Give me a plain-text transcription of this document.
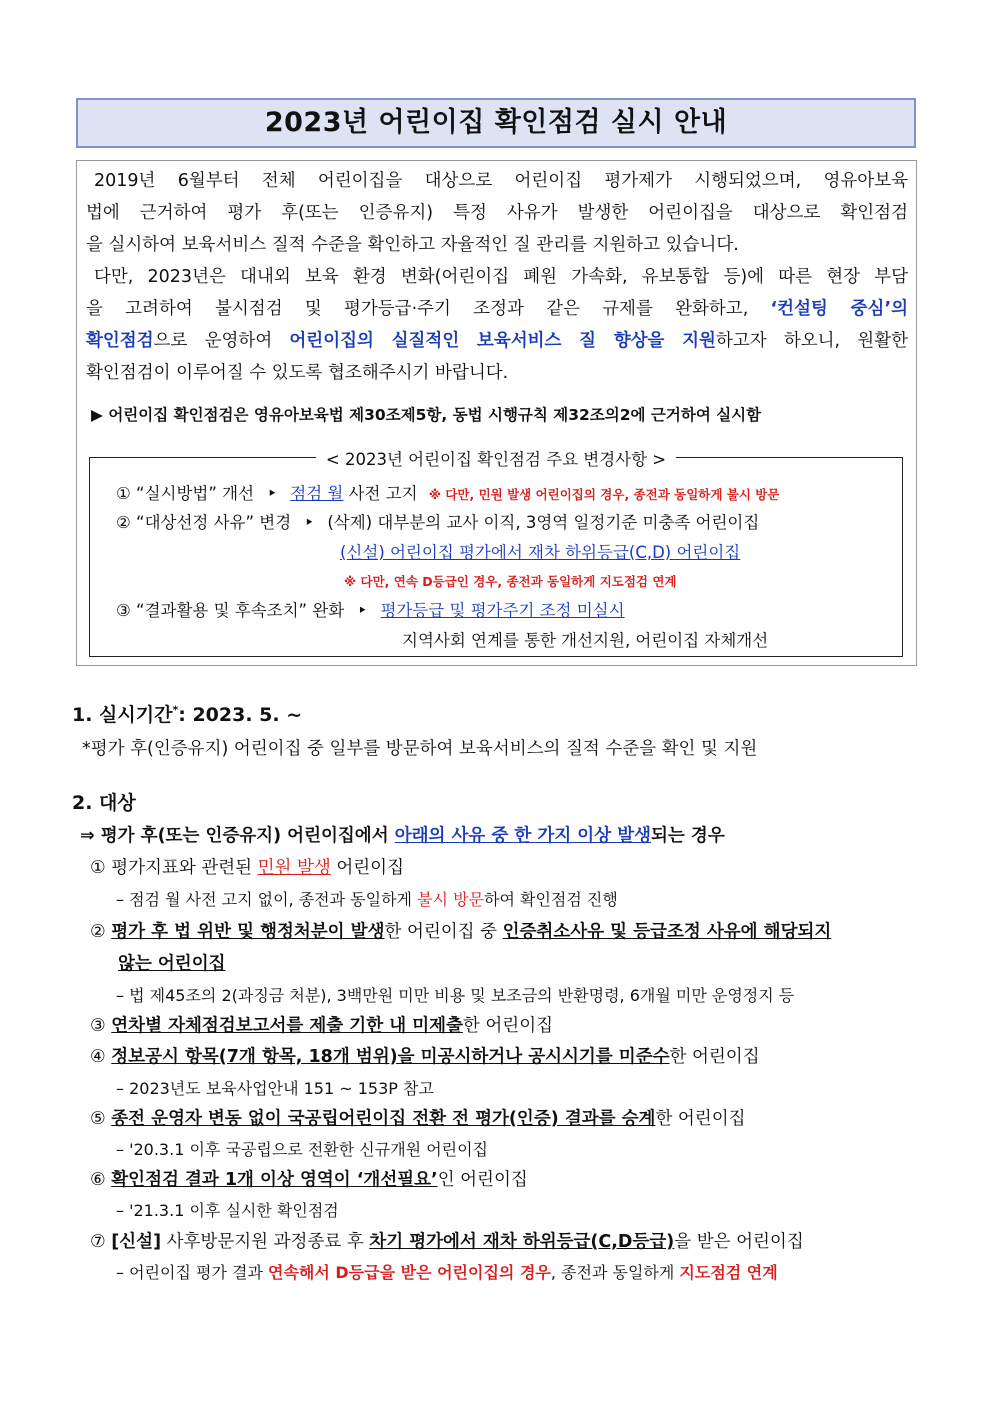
2023년 어린이집 확인점검 실시 안내
2019년 6월부터 전체 어린이집을 대상으로 어린이집 평가제가 시행되었으며, 영유아보육
법에 근거하여 평가 후(또는 인증유지) 특정 사유가 발생한 어린이집을 대상으로 확인점검
을 실시하여 보육서비스 질적 수준을 확인하고 자율적인 질 관리를 지원하고 있습니다.
다만, 2023년은 대내외 보육 환경 변화(어린이집 폐원 가속화, 유보통합 등)에 따른 현장 부담
을 고려하여 불시점검 및 평가등급·주기 조정과 같은 규제를 완화하고, ‘컨설팅 중심’의
확인점검으로 운영하여 어린이집의 실질적인 보육서비스 질 향상을 지원하고자 하오니, 원활한
확인점검이 이루어질 수 있도록 협조해주시기 바랍니다.
▶ 어린이집 확인점검은 영유아보육법 제30조제5항, 동법 시행규칙 제32조의2에 근거하여 실시함
< 2023년 어린이집 확인점검 주요 변경사항 >
① “실시방법” 개선 ‣ 점검 월 사전 고지 ※ 다만, 민원 발생 어린이집의 경우, 종전과 동일하게 불시 방문
② “대상선정 사유” 변경 ‣ (삭제) 대부분의 교사 이직, 3영역 일정기준 미충족 어린이집
(신설) 어린이집 평가에서 재차 하위등급(C,D) 어린이집
※ 다만, 연속 D등급인 경우, 종전과 동일하게 지도점검 연계
③ “결과활용 및 후속조치” 완화 ‣ 평가등급 및 평가주기 조정 미실시
지역사회 연계를 통한 개선지원, 어린이집 자체개선
1. 실시기간*: 2023. 5. ~
*평가 후(인증유지) 어린이집 중 일부를 방문하여 보육서비스의 질적 수준을 확인 및 지원
2. 대상
⇒ 평가 후(또는 인증유지) 어린이집에서 아래의 사유 중 한 가지 이상 발생되는 경우
① 평가지표와 관련된 민원 발생 어린이집
– 점검 월 사전 고지 없이, 종전과 동일하게 불시 방문하여 확인점검 진행
② 평가 후 법 위반 및 행정처분이 발생한 어린이집 중 인증취소사유 및 등급조정 사유에 해당되지
않는 어린이집
– 법 제45조의 2(과징금 처분), 3백만원 미만 비용 및 보조금의 반환명령, 6개월 미만 운영정지 등
③ 연차별 자체점검보고서를 제출 기한 내 미제출한 어린이집
④ 정보공시 항목(7개 항목, 18개 범위)을 미공시하거나 공시시기를 미준수한 어린이집
– 2023년도 보육사업안내 151 ~ 153P 참고
⑤ 종전 운영자 변동 없이 국공립어린이집 전환 전 평가(인증) 결과를 승계한 어린이집
– '20.3.1 이후 국공립으로 전환한 신규개원 어린이집
⑥ 확인점검 결과 1개 이상 영역이 ‘개선필요’인 어린이집
– '21.3.1 이후 실시한 확인점검
⑦ [신설] 사후방문지원 과정종료 후 차기 평가에서 재차 하위등급(C,D등급)을 받은 어린이집
– 어린이집 평가 결과 연속해서 D등급을 받은 어린이집의 경우, 종전과 동일하게 지도점검 연계
